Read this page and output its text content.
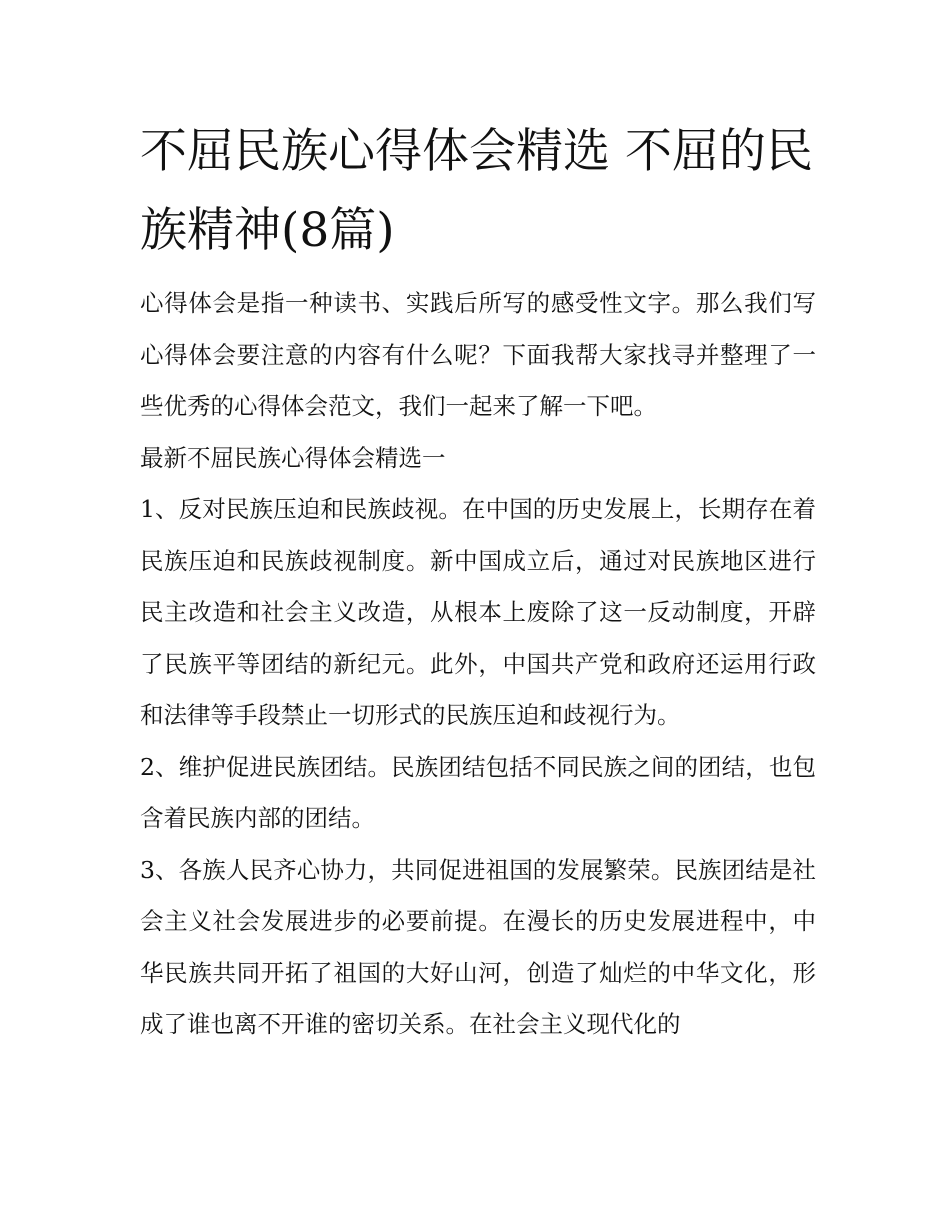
不屈民族心得体会精选 不屈的民族精神(8篇)

心得体会是指一种读书、实践后所写的感受性文字。那么我们写心得体会要注意的内容有什么呢？下面我帮大家找寻并整理了一些优秀的心得体会范文，我们一起来了解一下吧。

最新不屈民族心得体会精选一

1、反对民族压迫和民族歧视。在中国的历史发展上，长期存在着民族压迫和民族歧视制度。新中国成立后，通过对民族地区进行民主改造和社会主义改造，从根本上废除了这一反动制度，开辟了民族平等团结的新纪元。此外，中国共产党和政府还运用行政和法律等手段禁止一切形式的民族压迫和歧视行为。

2、维护促进民族团结。民族团结包括不同民族之间的团结，也包含着民族内部的团结。

3、各族人民齐心协力，共同促进祖国的发展繁荣。民族团结是社会主义社会发展进步的必要前提。在漫长的历史发展进程中，中华民族共同开拓了祖国的大好山河，创造了灿烂的中华文化，形成了谁也离不开谁的密切关系。在社会主义现代化的
